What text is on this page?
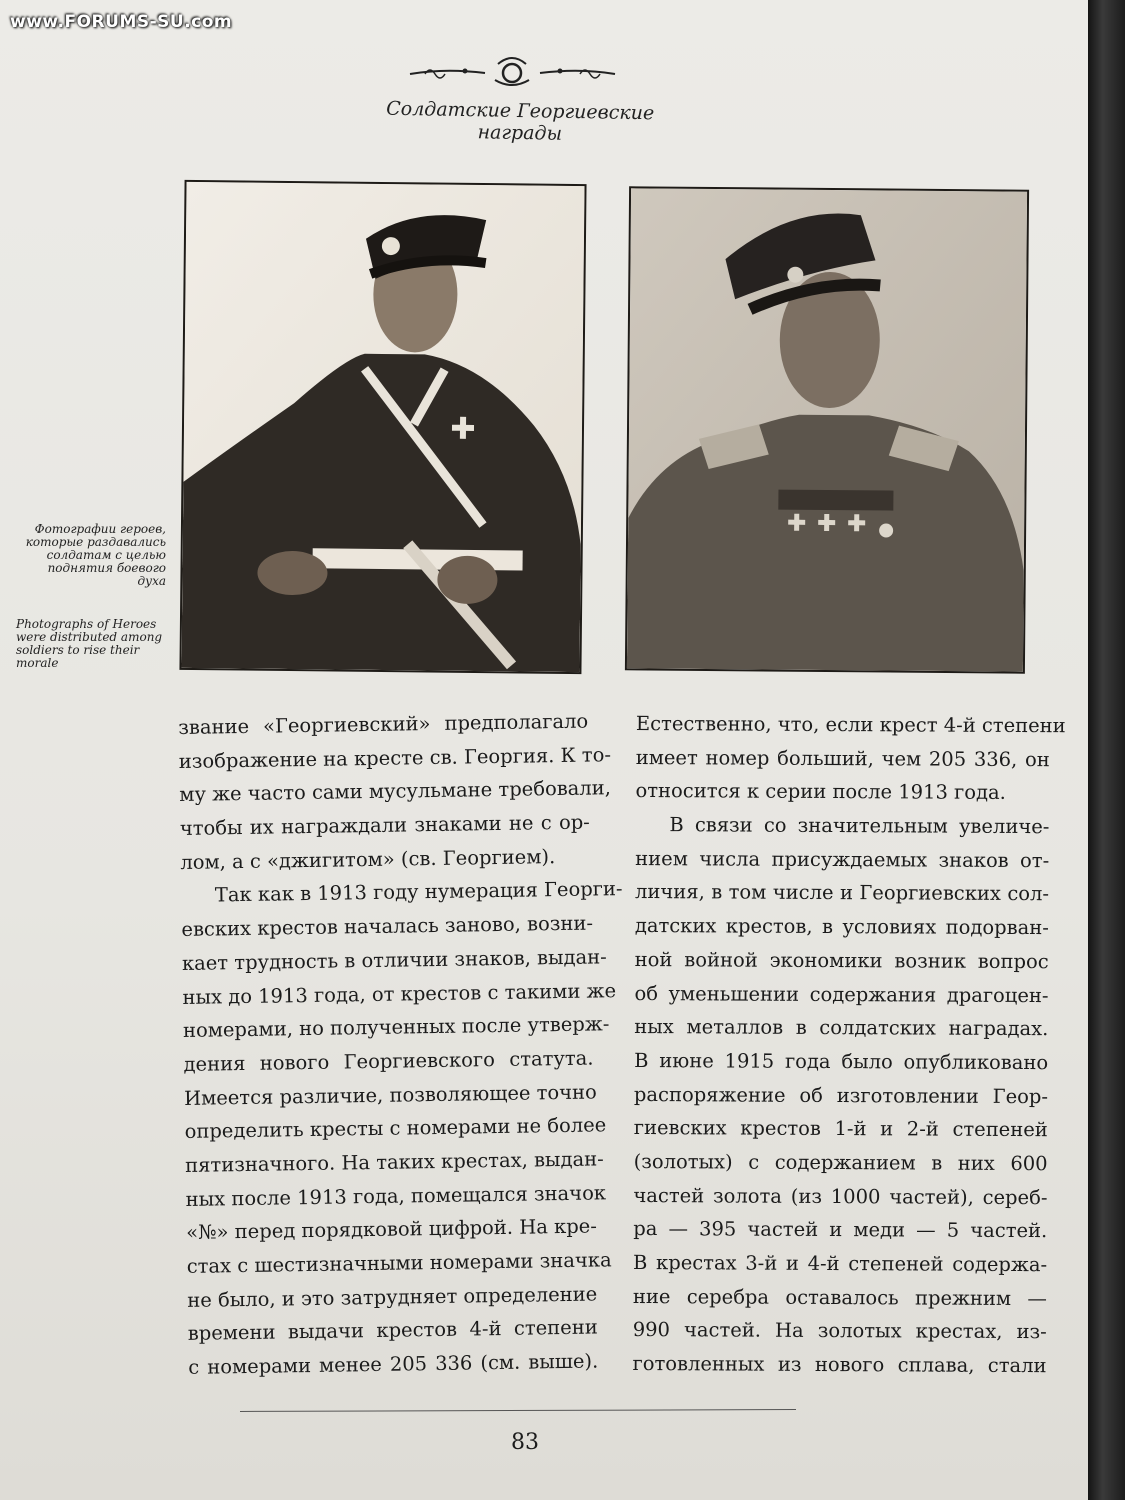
Солдатские Георгиевские награды
Фотографии героев, которые раздавались солдатам с целью поднятия боевого духа
Photographs of Heroes were distributed among soldiers to rise their morale
звание «Георгиевский» предполагало
изображение на кресте св. Георгия. К то-
му же часто сами мусульмане требовали,
чтобы их награждали знаками не с ор-
лом, а с «джигитом» (св. Георгием).
Так как в 1913 году нумерация Георги-
евских крестов началась заново, возни-
кает трудность в отличии знаков, выдан-
ных до 1913 года, от крестов с такими же
номерами, но полученных после утверж-
дения нового Георгиевского статута.
Имеется различие, позволяющее точно
определить кресты с номерами не более
пятизначного. На таких крестах, выдан-
ных после 1913 года, помещался значок
«№» перед порядковой цифрой. На кре-
стах с шестизначными номерами значка
не было, и это затрудняет определение
времени выдачи крестов 4-й степени
с номерами менее 205 336 (см. выше).
Естественно, что, если крест 4-й степени
имеет номер больший, чем 205 336, он
относится к серии после 1913 года.
В связи со значительным увеличе-
нием числа присуждаемых знаков от-
личия, в том числе и Георгиевских сол-
датских крестов, в условиях подорван-
ной войной экономики возник вопрос
об уменьшении содержания драгоцен-
ных металлов в солдатских наградах.
В июне 1915 года было опубликовано
распоряжение об изготовлении Геор-
гиевских крестов 1-й и 2-й степеней
(золотых) с содержанием в них 600
частей золота (из 1000 частей), сереб-
ра — 395 частей и меди — 5 частей.
В крестах 3-й и 4-й степеней содержа-
ние серебра оставалось прежним —
990 частей. На золотых крестах, из-
готовленных из нового сплава, стали
83
www.FORUMS-SU.com
